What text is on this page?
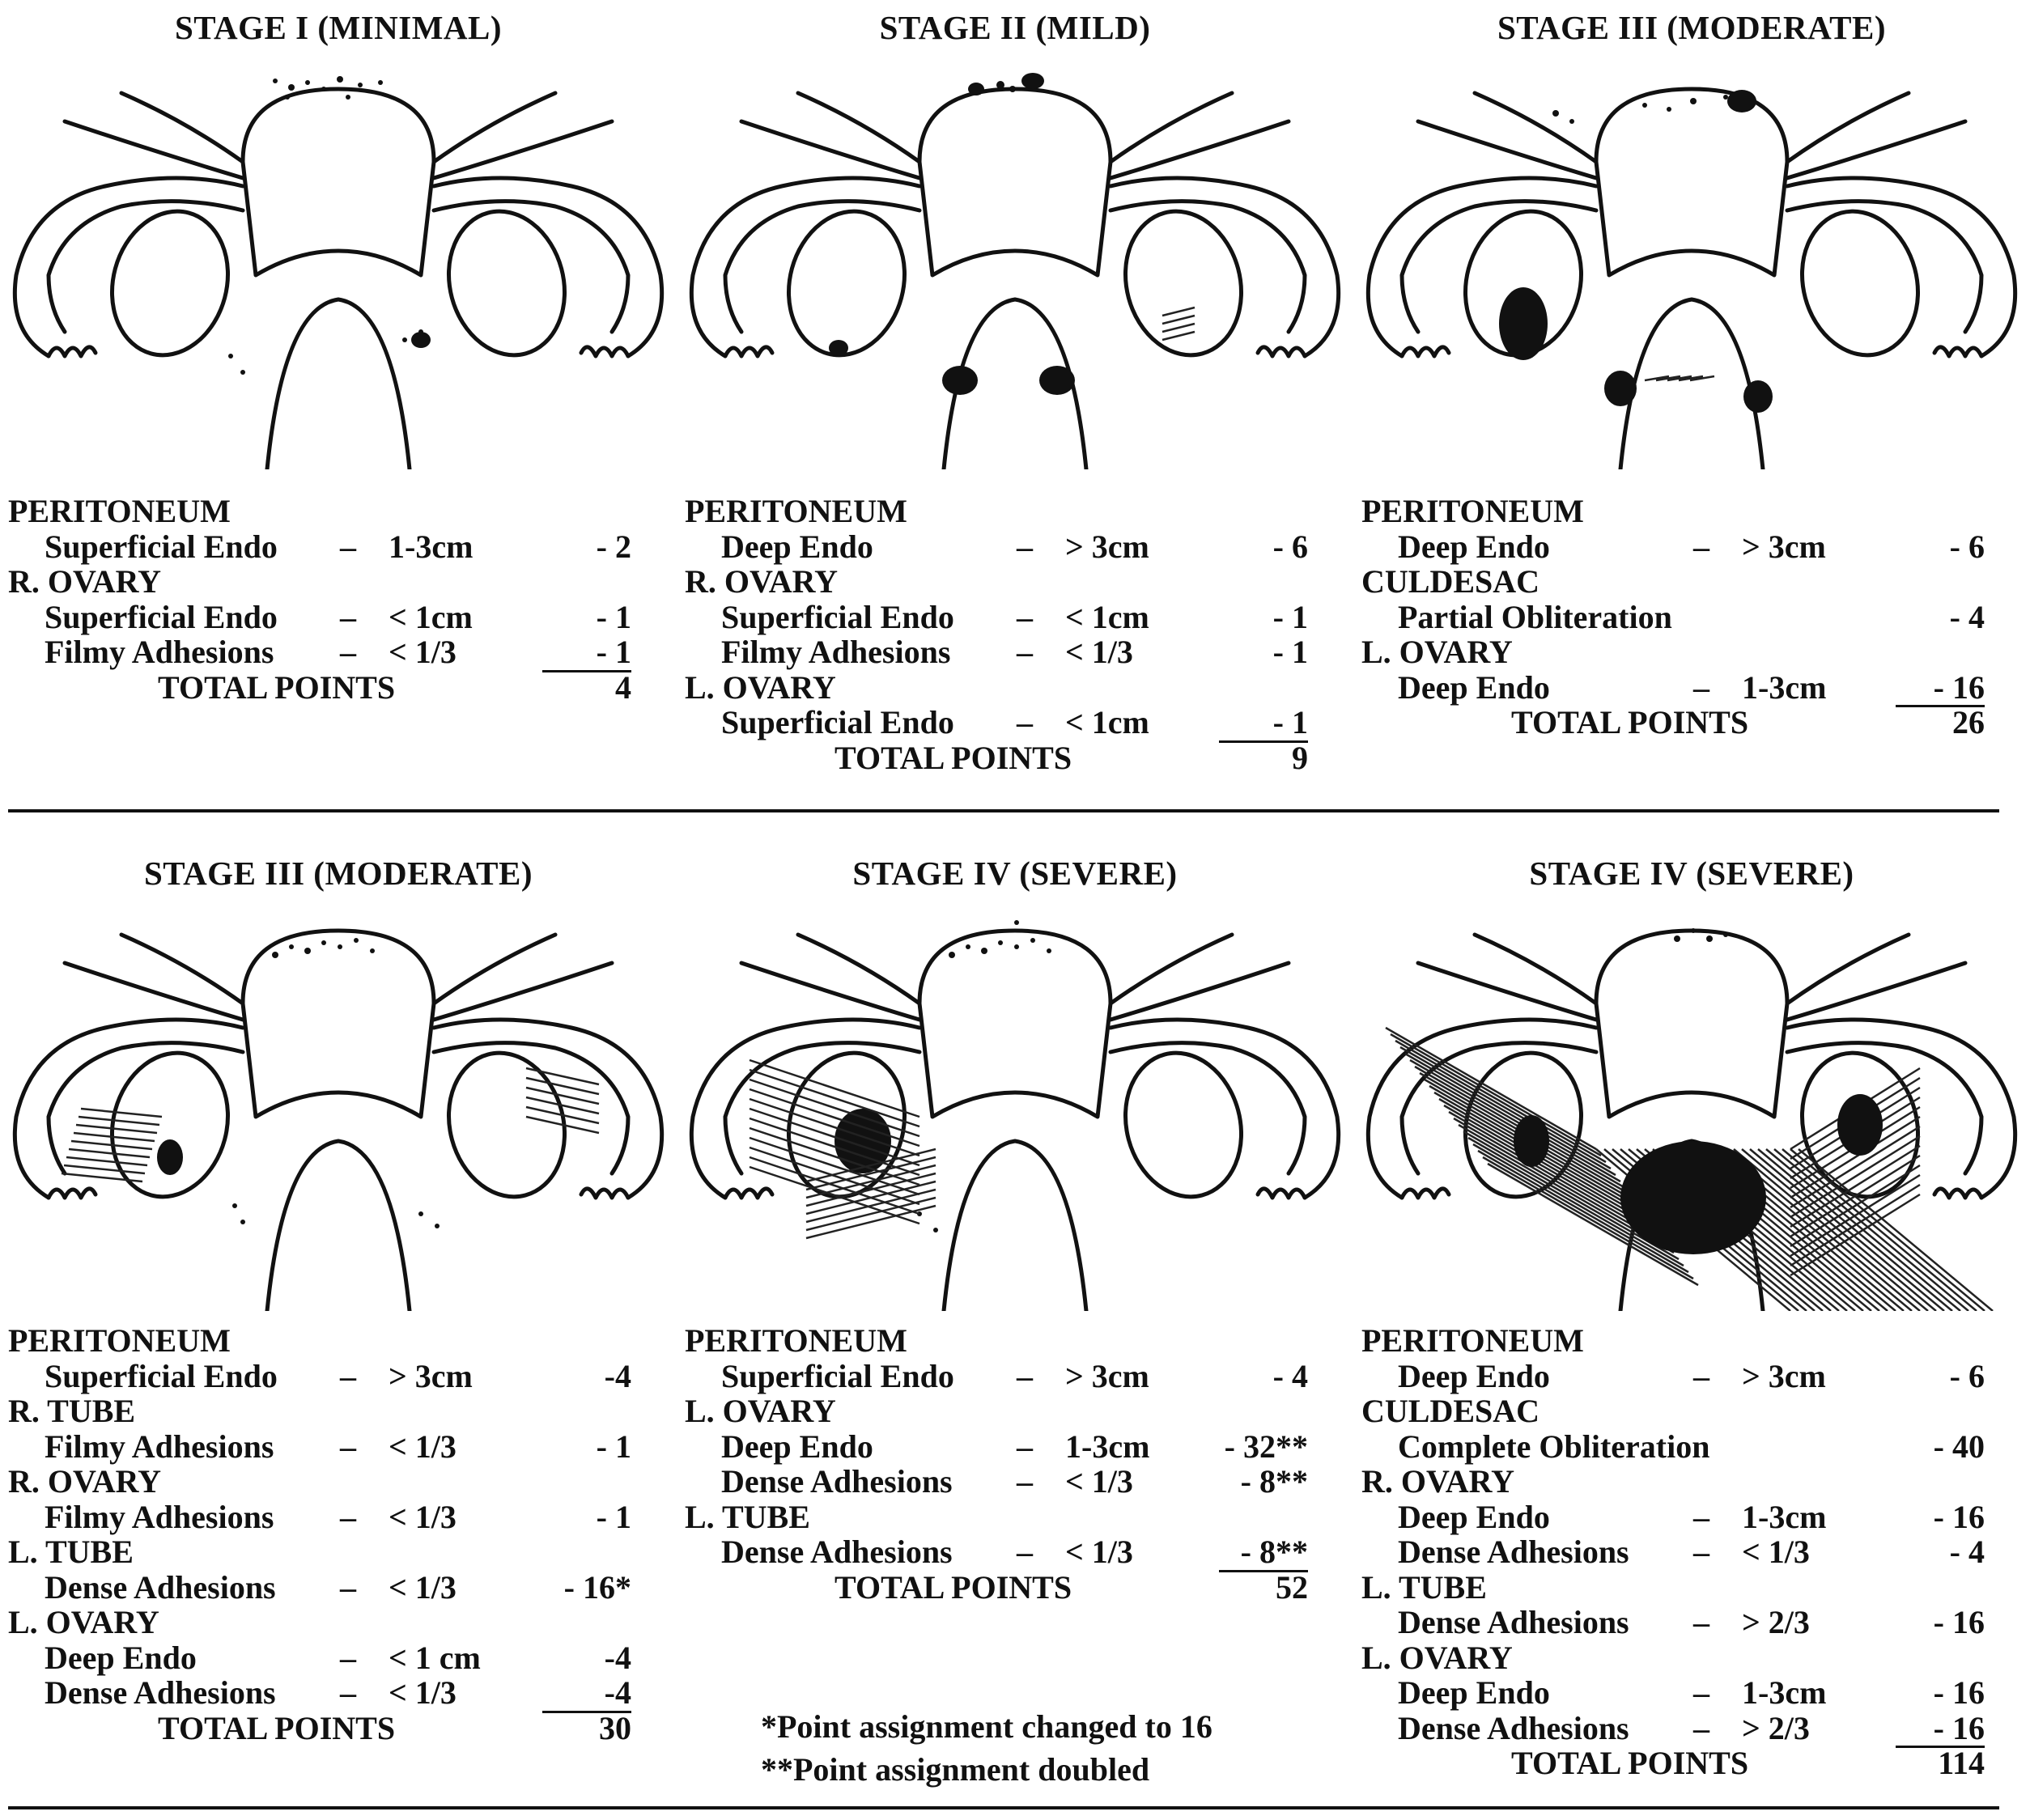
STAGE I (MINIMAL)
PERITONEUM
Superficial Endo – 1-3cm	- 2
R. OVARY
Superficial Endo – < 1cm	- 1
Filmy Adhesions – < 1/3	- 1
TOTAL POINTS	4
STAGE II (MILD)
PERITONEUM
Deep Endo	– > 3cm	- 6
R. OVARY
Superficial Endo – < 1cm	- 1
Filmy Adhesions – < 1/3	- 1
L. OVARY
Superficial Endo – < 1cm	- 1
TOTAL POINTS	9
STAGE III (MODERATE)
PERITONEUM
Deep Endo	– > 3cm	- 6
CULDESAC
Partial Obliteration	- 4
L. OVARY
Deep Endo	– 1-3cm	- 16
TOTAL POINTS	26
STAGE III (MODERATE)
PERITONEUM
Superficial Endo – > 3cm	-4
R. TUBE
Filmy Adhesions – < 1/3	- 1
R. OVARY
Filmy Adhesions – < 1/3	- 1
L. TUBE
Dense Adhesions – < 1/3	- 16*
L. OVARY
Deep Endo	– < 1 cm	-4
Dense Adhesions – < 1/3	-4
TOTAL POINTS	30
STAGE IV (SEVERE)
PERITONEUM
Superficial Endo – > 3cm	- 4
L. OVARY
Deep Endo	– 1-3cm - 32**
Dense Adhesions – < 1/3	- 8**
L. TUBE
Dense Adhesions – < 1/3	- 8**
TOTAL POINTS	52
STAGE IV (SEVERE)
PERITONEUM
Deep Endo	– > 3cm	- 6
CULDESAC
Complete Obliteration	- 40
R. OVARY
Deep Endo	– 1-3cm	- 16
Dense Adhesions – < 1/3	- 4
L. TUBE
Dense Adhesions – > 2/3	- 16
L. OVARY
Deep Endo	– 1-3cm	- 16
Dense Adhesions – > 2/3	- 16
TOTAL POINTS	114
*Point assignment changed to 16
**Point assignment doubled
